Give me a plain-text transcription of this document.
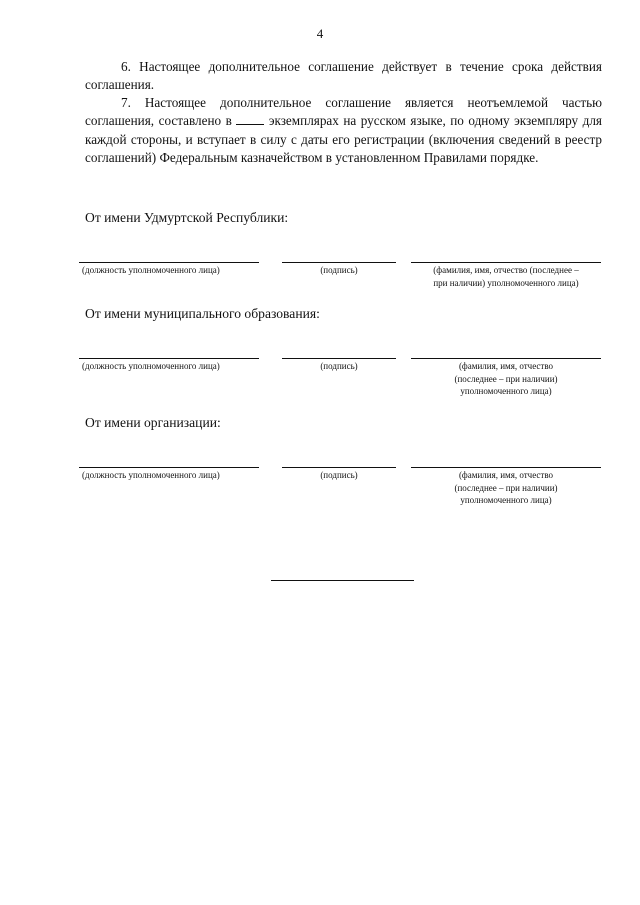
4

6. Настоящее дополнительное соглашение действует в течение срока действия соглашения.

7. Настоящее дополнительное соглашение является неотъемлемой частью соглашения, составлено в  экземплярах на русском языке, по одному экземпляру для каждой стороны, и вступает в силу с даты его регистрации (включения сведений в реестр соглашений) Федеральным казначейством в установленном Правилами порядке.

От имени Удмуртской Республики:
(должность уполномоченного лица)	(подпись)	(фамилия, имя, отчество (последнее –
при наличии) уполномоченного лица)
От имени муниципального образования:
(должность уполномоченного лица)	(подпись)	(фамилия, имя, отчество
(последнее – при наличии)
уполномоченного лица)
От имени организации:
(должность уполномоченного лица)	(подпись)	(фамилия, имя, отчество
(последнее – при наличии)
уполномоченного лица)
